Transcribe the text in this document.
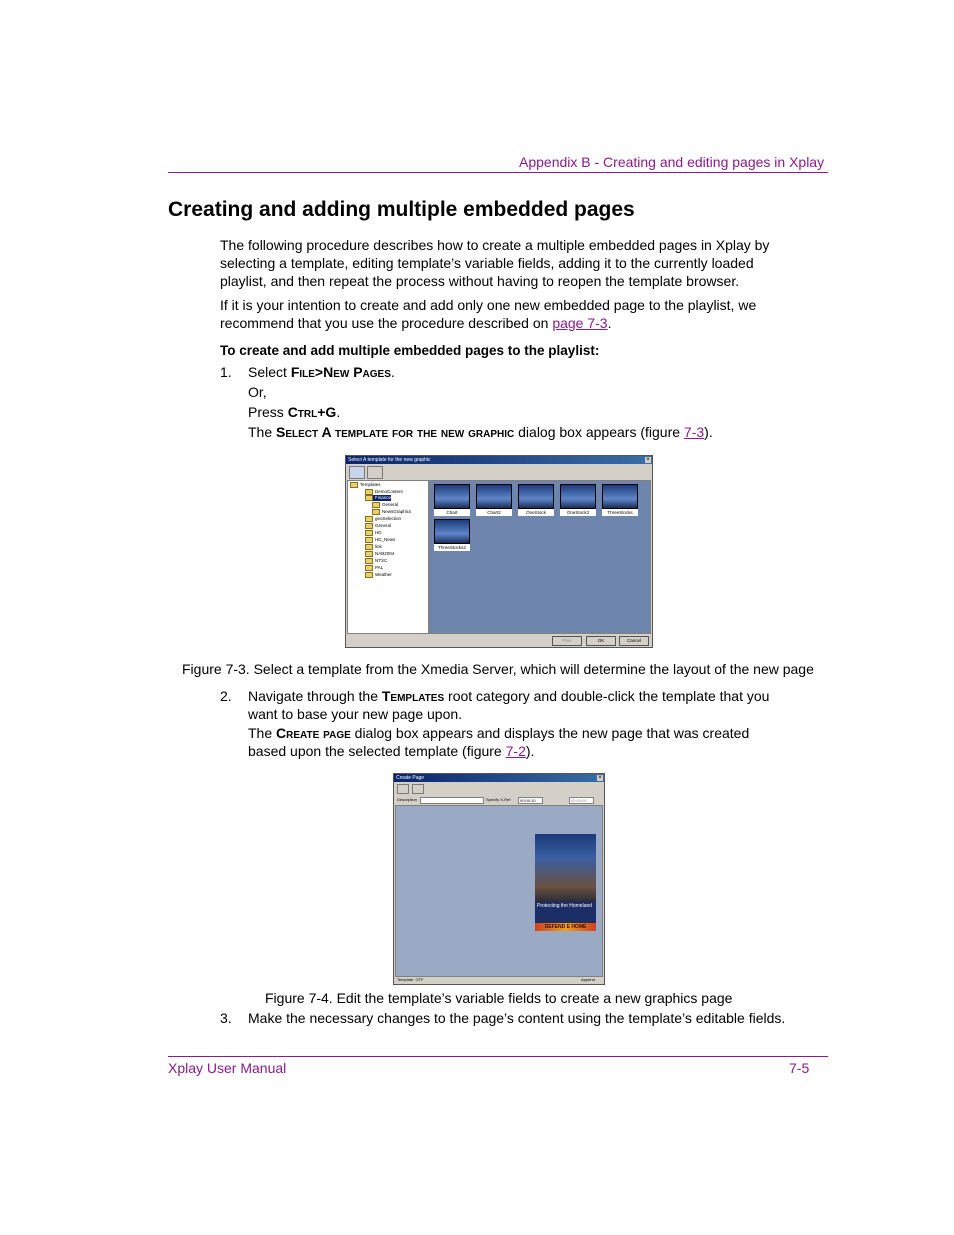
Appendix B - Creating and editing pages in Xplay
Creating and adding multiple embedded pages
The following procedure describes how to create a multiple embedded pages in Xplay by
selecting a template, editing template’s variable fields, adding it to the currently loaded
playlist, and then repeat the process without having to reopen the template browser.
If it is your intention to create and add only one new embedded page to the playlist, we
recommend that you use the procedure described on page 7-3.
To create and add multiple embedded pages to the playlist:
1. Select File>New Pages.
Or,
Press Ctrl+G.
The Select A template for the new graphic dialog box appears (figure 7-3).
Select A template for the new graphic	×
Templates
DemoContent
Finance
General
NewsGraphics
geoSelection
General
HD
HD_News
link
NAB2004
NTSC
PAL
Weather
Chart	Chart2	OneStock	OneStock2	ThreeStocks
ThreeStocks2
Prev	OK	Cancel
Figure 7-3. Select a template from the Xmedia Server, which will determine the layout of the new page
2. Navigate through the Templates root category and double-click the template that you
want to base your new page upon.
The Create page dialog box appears and displays the new page that was created
based upon the selected template (figure 7-2).
Create Page	×
Description	Specify X-Ref	00:00:10	00:00:00
Protecting the Homeland
DEFEND E HOME
Template: OTF	Append
Figure 7-4. Edit the template’s variable fields to create a new graphics page
3. Make the necessary changes to the page’s content using the template’s editable fields.
Xplay User Manual	7-5
